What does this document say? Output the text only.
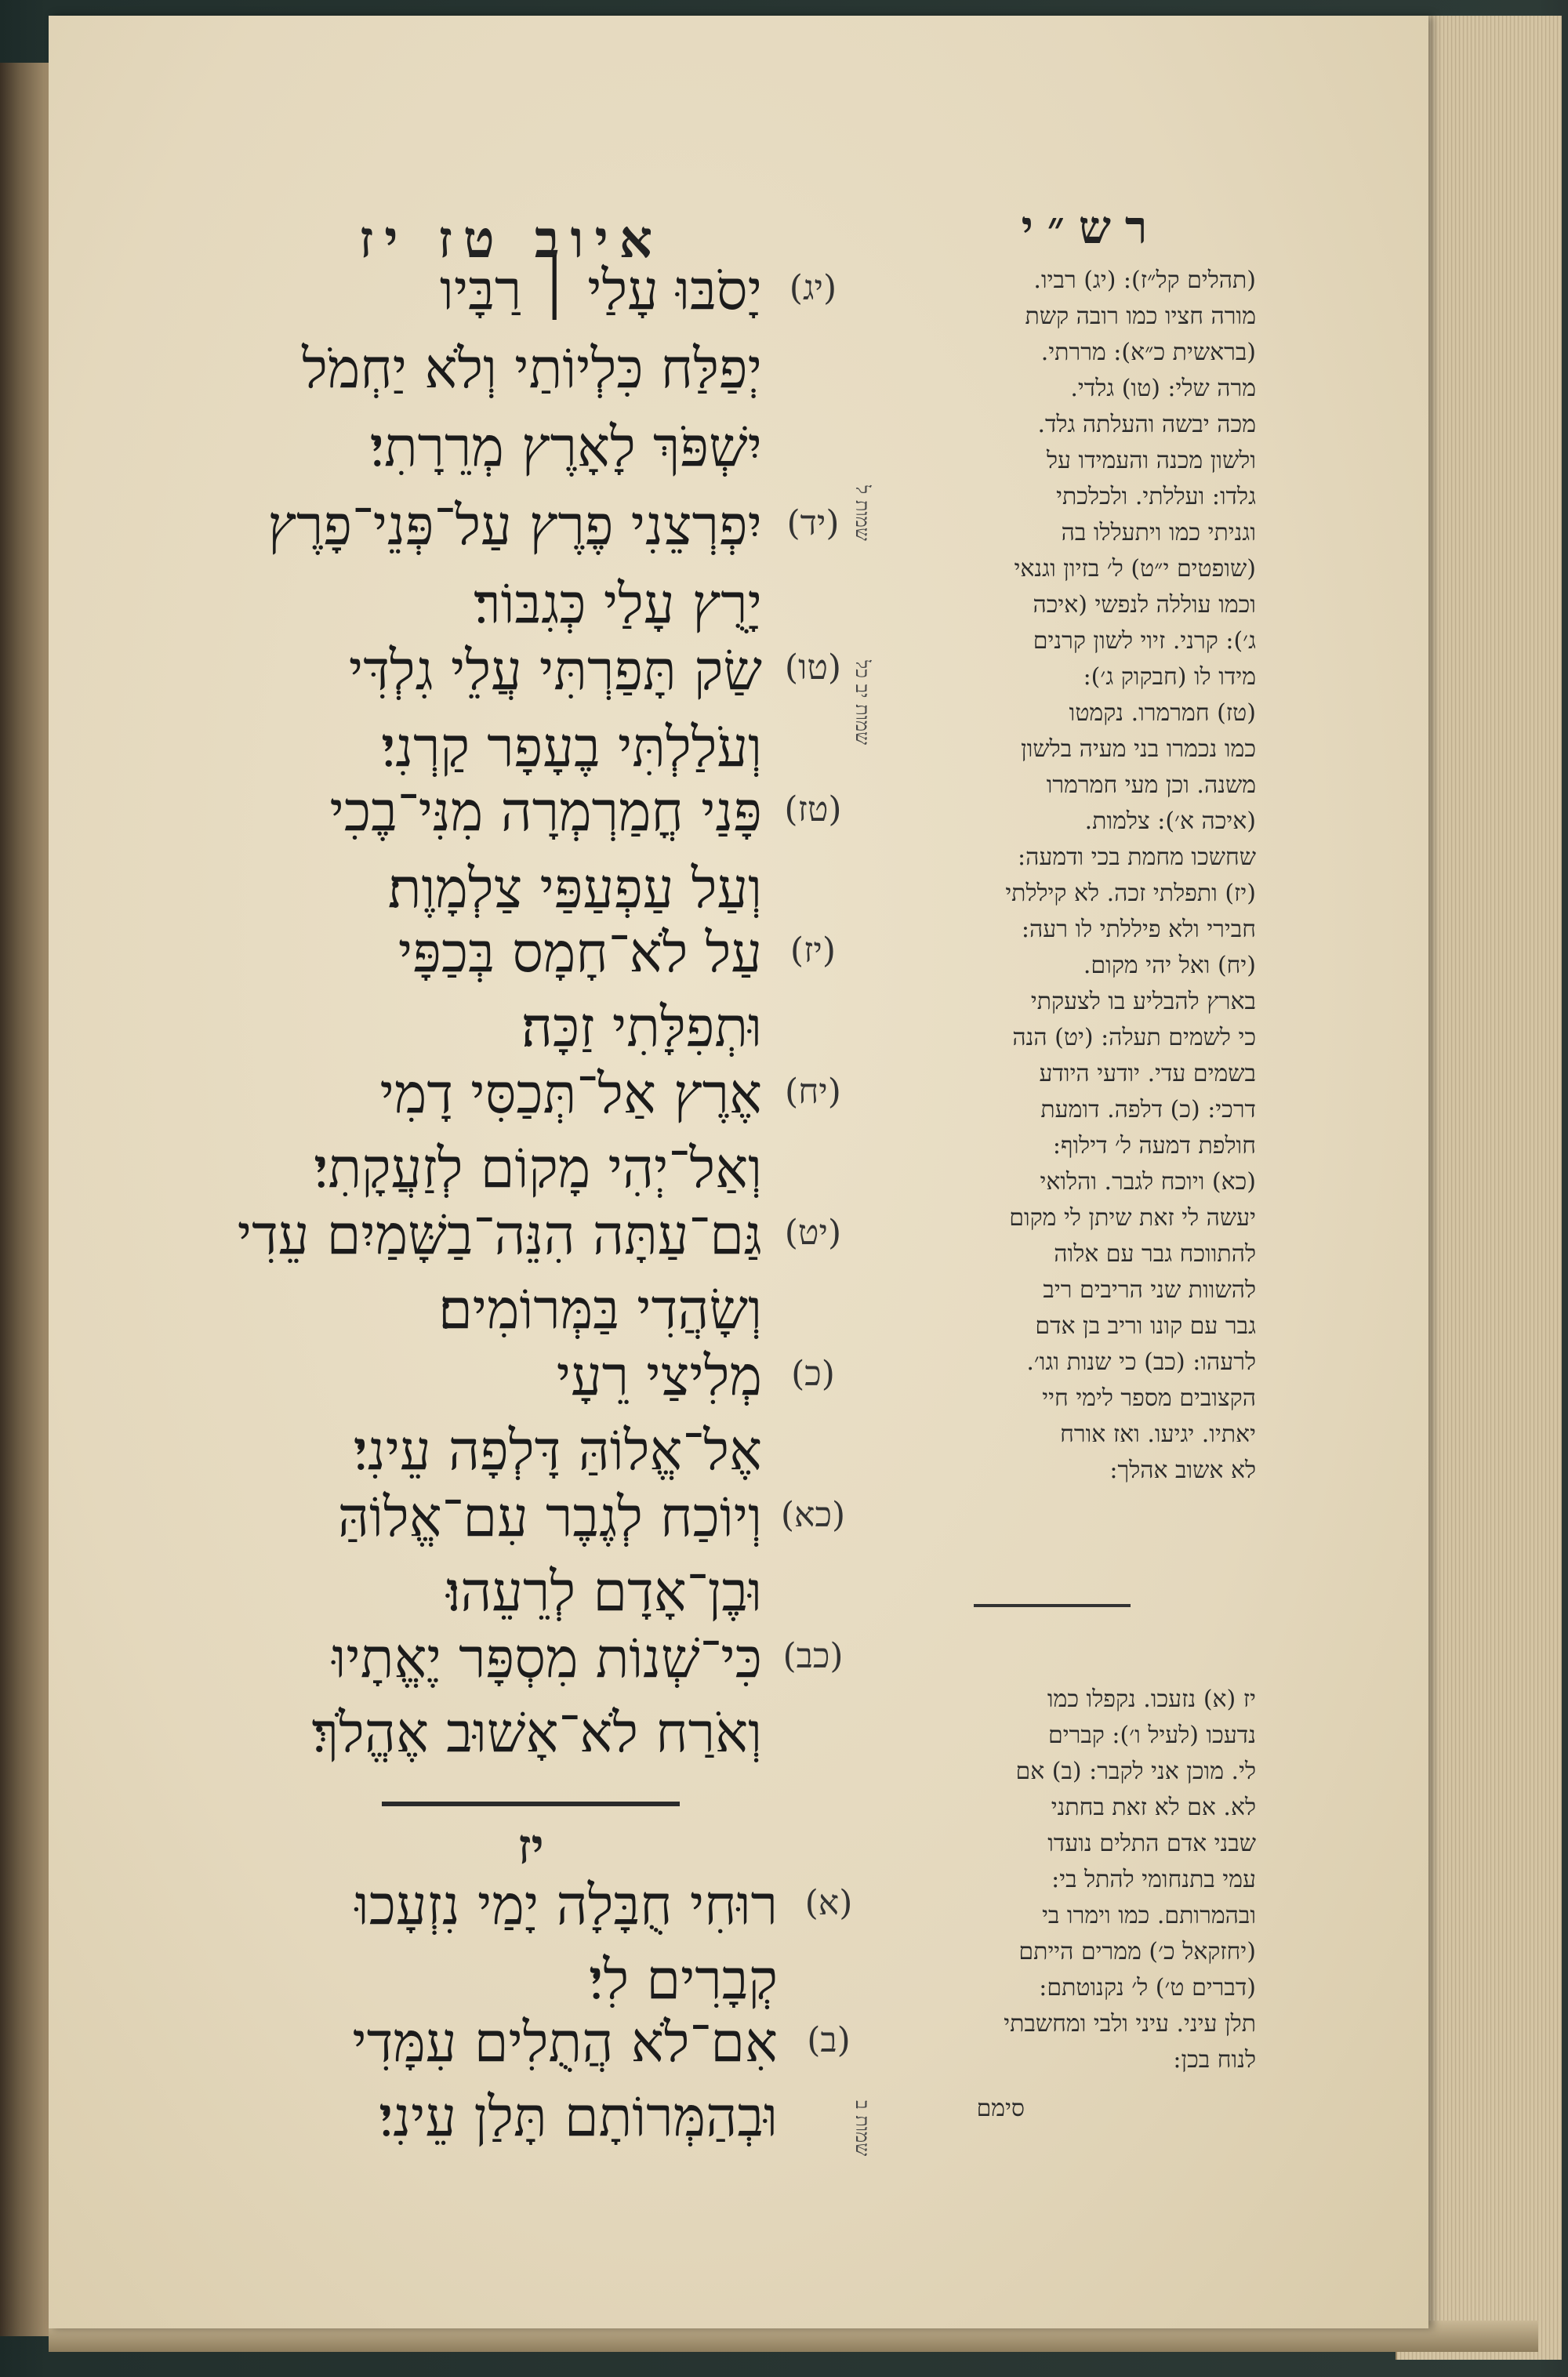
איוב טז יז	רש״י
(יג)
יָסֹבּוּ עָלַי ׀ רַבָּיו
יְפַלַּח כִּלְיוֹתַי וְלֹא יַחְמֹל
יִשְׁפֹּךְ לָאָרֶץ מְרֵרָתִי׃
(יד)
יִפְרְצֵנִי פֶרֶץ עַל־פְּנֵי־פָרֶץ
יָרֻץ עָלַי כְּגִבּוֹר׃
(טו)
שַׂק תָּפַרְתִּי עֲלֵי גִלְדִּי
וְעֹלַלְתִּי בֶעָפָר קַרְנִי׃
(טז)
פָּנַי חֳמַרְמְרָה מִנִּי־בֶכִי
וְעַל עַפְעַפַּי צַלְמָוֶת׃
(יז)
עַל לֹא־חָמָס בְּכַפָּי
וּתְפִלָּתִי זַכָּה׃
(יח)
אֶרֶץ אַל־תְּכַסִּי דָמִי
וְאַל־יְהִי מָקוֹם לְזַעֲקָתִי׃
(יט)
גַּם־עַתָּה הִנֵּה־בַשָּׁמַיִם עֵדִי
וְשָׂהֲדִי בַּמְּרוֹמִים׃
(כ)
מְלִיצַי רֵעָי
אֶל־אֱלוֹהַּ דָּלְפָה עֵינִי׃
(כא)
וְיוֹכַח לְגֶבֶר עִם־אֱלוֹהַּ
וּבֶן־אָדָם לְרֵעֵהוּ׃
(כב)
כִּי־שְׁנוֹת מִסְפָּר יֶאֱתָיוּ
וְאֹרַח לֹא־אָשׁוּב אֶהֱלֹךְ׃
יז
(א)
רוּחִי חֻבָּלָה יָמַי נִזְעָכוּ
קְבָרִים לִי׃
(ב)
אִם־לֹא הֲתֻלִים עִמָּדִי
וּבְהַמְּרוֹתָם תָּלַן עֵינִי׃
(תהלים קל״ז): (יג) רביו.
מורה חציו כמו רובה קשת
(בראשית כ״א): מררתי.
מרה שלי: (טו) גלדי.
מכה יבשה והעלתה גלד.
ולשון מכנה והעמידו על
גלדו: ועללתי. ולכלכתי
וגניתי כמו ויתעללו בה
(שופטים י״ט) ל׳ בזיון וגנאי
וכמו עוללה לנפשי (איכה
ג׳): קרני. זיוי לשון קרנים
מידו לו (חבקוק ג׳):
(טז) חמרמרו. נקמטו
כמו נכמרו בני מעיה בלשון
משנה. וכן מעי חמרמרו
(איכה א׳): צלמות.
שחשכו מחמת בכי ודמעה:
(יז) ותפלתי זכה. לא קיללתי
חבירי ולא פיללתי לו רעה:
(יח) ואל יהי מקום.
בארץ להבליע בו לצעקתי
כי לשמים תעלה: (יט) הנה
בשמים עדי. יודעי היודע
דרכי: (כ) דלפה. דומעת
חולפת דמעה ל׳ דילוף:
(כא) ויוכח לגבר. והלואי
יעשה לי זאת שיתן לי מקום
להתווכח גבר עם אלוה
להשוות שני הריבים ריב
גבר עם קונו וריב בן אדם
לרעהו: (כב) כי שנות וגו׳.
הקצובים מספר לימי חיי
יאתיו. יגיעו. ואז אורח
לא אשוב אהלך:
יז (א) נזעכו. נקפלו כמו
נדעכו (לעיל ו׳): קברים
לי. מוכן אני לקבר: (ב) אם
לא. אם לא זאת בחתני
שבני אדם התלים נועדו
עמי בתנחומי להתל בי:
ובהמרותם. כמו וימרו בי
(יחזקאל כ׳) ממרים הייתם
(דברים ט׳) ל׳ נקנוטתם:
תלן עיני. עיני ולבי ומחשבתי
לנוח בכן:
סימם
שמות ל
שמות יב כל
שמות ב
